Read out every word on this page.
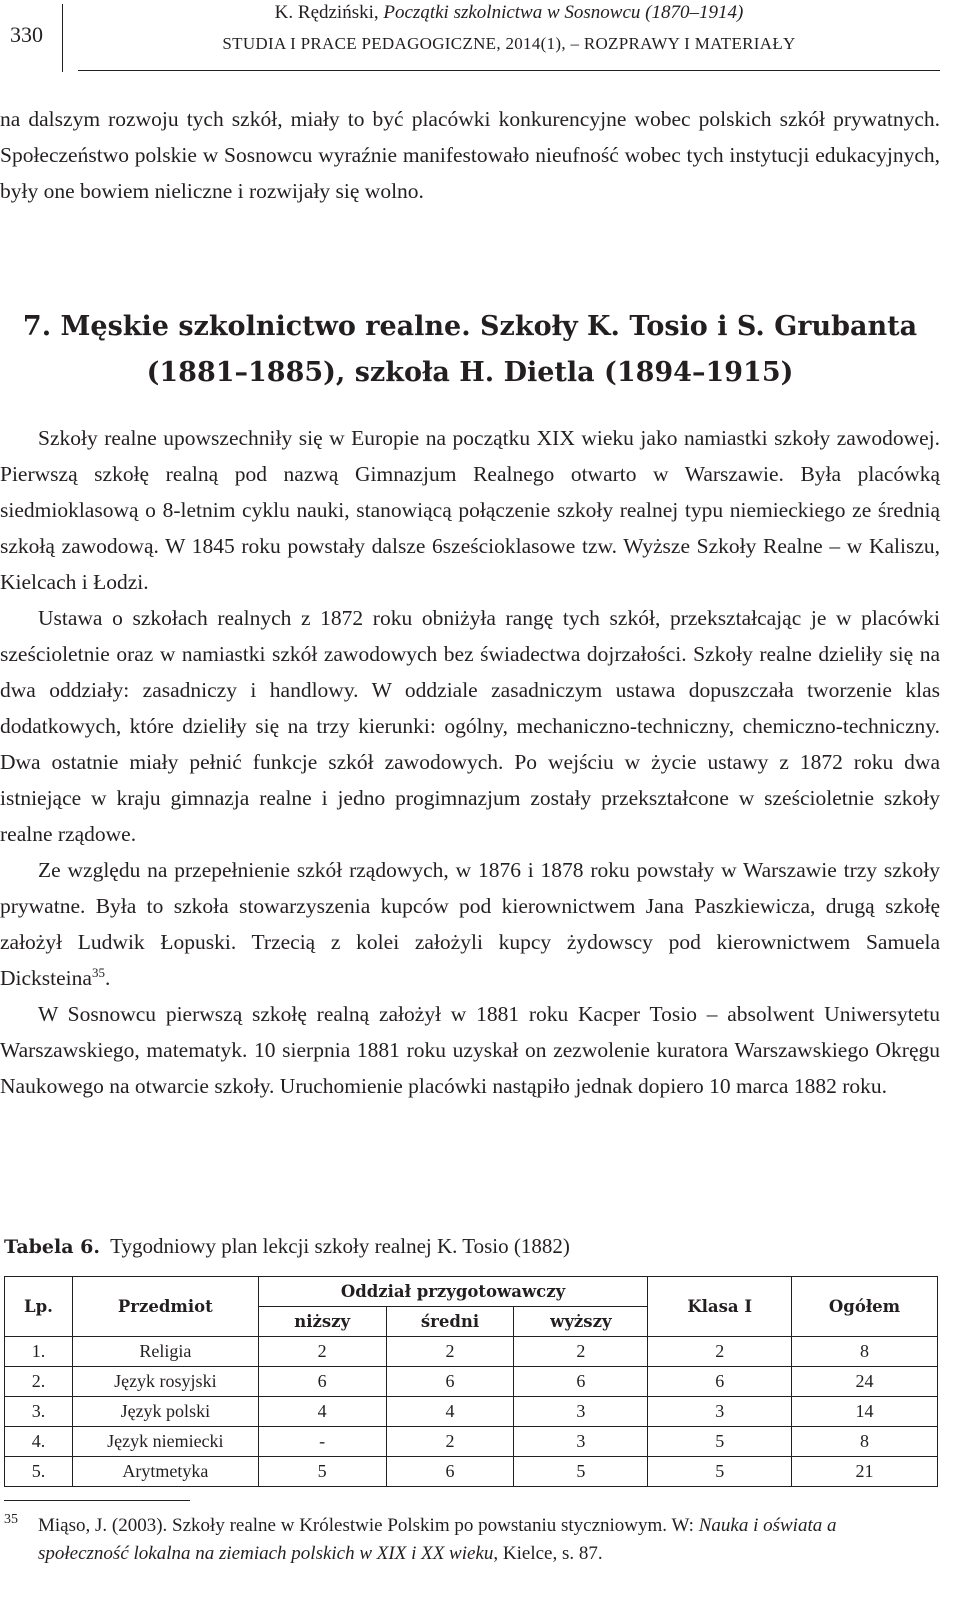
330
K. Rędziński, Początki szkolnictwa w Sosnowcu (1870–1914)
STUDIA I PRACE PEDAGOGICZNE, 2014(1), – ROZPRAWY I MATERIAŁY

na dalszym rozwoju tych szkół, miały to być placówki konkurencyjne wobec polskich szkół prywatnych. Społeczeństwo polskie w Sosnowcu wyraźnie manifestowało nieufność wobec tych instytucji edukacyjnych, były one bowiem nieliczne i rozwijały się wolno.

7. Męskie szkolnictwo realne. Szkoły K. Tosio i S. Grubanta
(1881–1885), szkoła H. Dietla (1894–1915)

Szkoły realne upowszechniły się w Europie na początku XIX wieku jako namiastki szkoły zawodowej. Pierwszą szkołę realną pod nazwą Gimnazjum Realnego otwarto w Warszawie. Była placówką siedmioklasową o 8-letnim cyklu nauki, stanowiącą połączenie szkoły realnej typu niemieckiego ze średnią szkołą zawodową. W 1845 roku powstały dalsze 6sześcioklasowe tzw. Wyższe Szkoły Realne – w Kaliszu, Kielcach i Łodzi.

Ustawa o szkołach realnych z 1872 roku obniżyła rangę tych szkół, przekształcając je w placówki sześcioletnie oraz w namiastki szkół zawodowych bez świadectwa dojrzałości. Szkoły realne dzieliły się na dwa oddziały: zasadniczy i handlowy. W oddziale zasadniczym ustawa dopuszczała tworzenie klas dodatkowych, które dzieliły się na trzy kierunki: ogólny, mechaniczno-techniczny, chemiczno-techniczny. Dwa ostatnie miały pełnić funkcje szkół zawodowych. Po wejściu w życie ustawy z 1872 roku dwa istniejące w kraju gimnazja realne i jedno progimnazjum zostały przekształcone w sześcioletnie szkoły realne rządowe.

Ze względu na przepełnienie szkół rządowych, w 1876 i 1878 roku powstały w Warszawie trzy szkoły prywatne. Była to szkoła stowarzyszenia kupców pod kierownictwem Jana Paszkiewicza, drugą szkołę założył Ludwik Łopuski. Trzecią z kolei założyli kupcy żydowscy pod kierownictwem Samuela Dicksteina$^{35}$.

W Sosnowcu pierwszą szkołę realną założył w 1881 roku Kacper Tosio – absolwent Uniwersytetu Warszawskiego, matematyk. 10 sierpnia 1881 roku uzyskał on zezwolenie kuratora Warszawskiego Okręgu Naukowego na otwarcie szkoły. Uruchomienie placówki nastąpiło jednak dopiero 10 marca 1882 roku.

Tabela 6. Tygodniowy plan lekcji szkoły realnej K. Tosio (1882)
Lp.	Przedmiot	Oddział przygotowawczy			Klasa I	Ogółem
		niższy	średni	wyższy		
1.	Religia	2	2	2	2	8
2.	Język rosyjski	6	6	6	6	24
3.	Język polski	4	4	3	3	14
4.	Język niemiecki	-	2	3	5	8
5.	Arytmetyka	5	6	5	5	21
35 Miąso, J. (2003). Szkoły realne w Królestwie Polskim po powstaniu styczniowym. W: Nauka i oświata a społeczność lokalna na ziemiach polskich w XIX i XX wieku, Kielce, s. 87.
